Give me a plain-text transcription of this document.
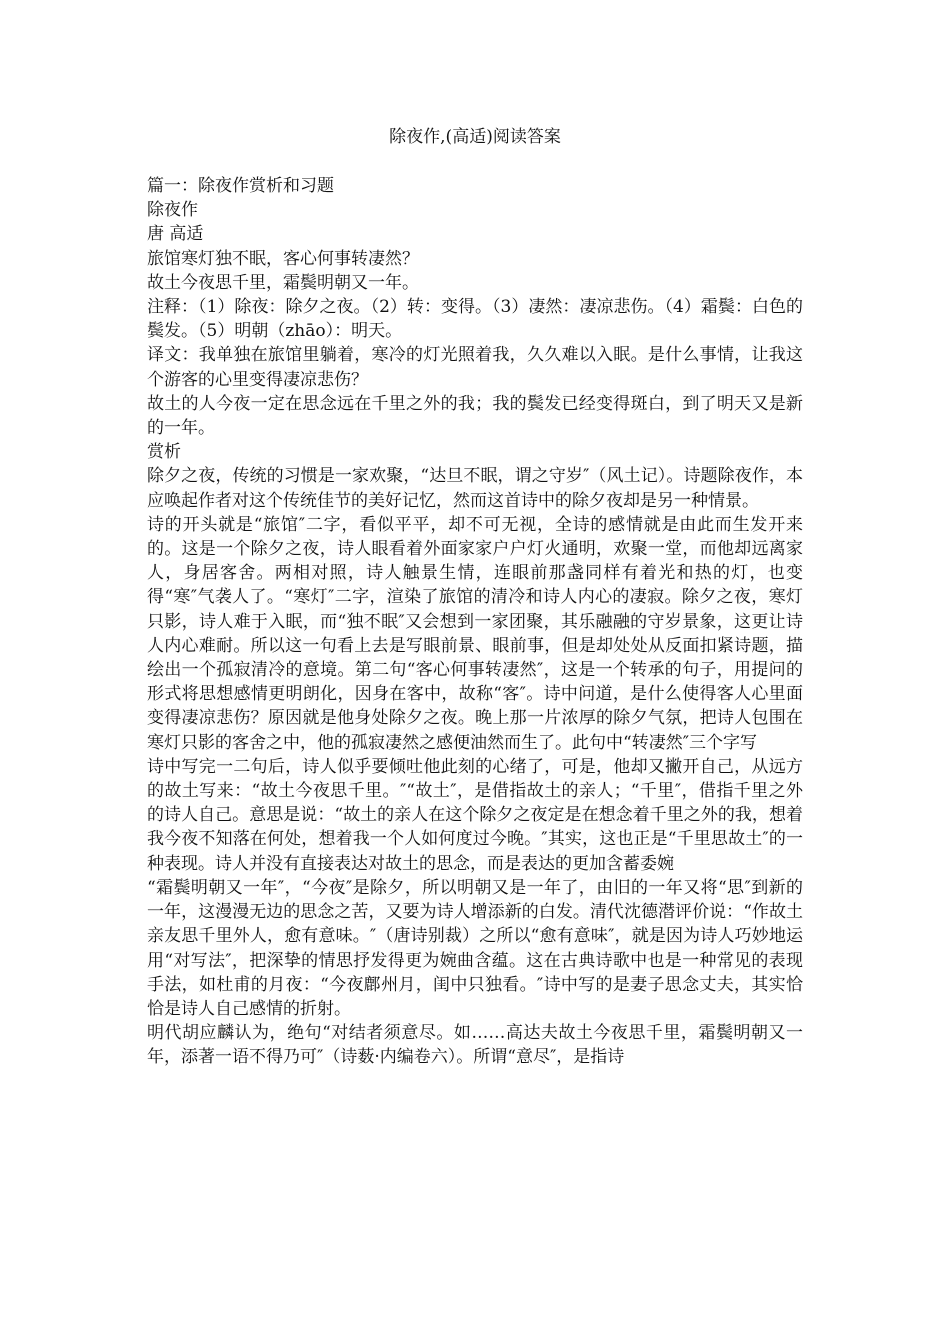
除夜作,(高适)阅读答案

篇一：除夜作赏析和习题

除夜作

唐 高适

旅馆寒灯独不眠，客心何事转凄然？

故土今夜思千里，霜鬓明朝又一年。

注释：（1）除夜：除夕之夜。（2）转：变得。（3）凄然：凄凉悲伤。（4）霜鬓：白色的鬓发。（5）明朝（zhāo）：明天。

译文：我单独在旅馆里躺着，寒冷的灯光照着我，久久难以入眠。是什么事情，让我这个游客的心里变得凄凉悲伤？

故土的人今夜一定在思念远在千里之外的我；我的鬓发已经变得斑白，到了明天又是新的一年。

赏析

除夕之夜，传统的习惯是一家欢聚，“达旦不眠，谓之守岁″（风土记）。诗题除夜作，本应唤起作者对这个传统佳节的美好记忆，然而这首诗中的除夕夜却是另一种情景。

诗的开头就是“旅馆″二字，看似平平，却不可无视，全诗的感情就是由此而生发开来的。这是一个除夕之夜，诗人眼看着外面家家户户灯火通明，欢聚一堂，而他却远离家人，身居客舍。两相对照，诗人触景生情，连眼前那盏同样有着光和热的灯，也变得“寒″气袭人了。“寒灯″二字，渲染了旅馆的清冷和诗人内心的凄寂。除夕之夜，寒灯只影，诗人难于入眠，而“独不眠″又会想到一家团聚，其乐融融的守岁景象，这更让诗人内心难耐。所以这一句看上去是写眼前景、眼前事，但是却处处从反面扣紧诗题，描绘出一个孤寂清冷的意境。第二句“客心何事转凄然″，这是一个转承的句子，用提问的形式将思想感情更明朗化，因身在客中，故称“客″。诗中问道，是什么使得客人心里面变得凄凉悲伤？原因就是他身处除夕之夜。晚上那一片浓厚的除夕气氛，把诗人包围在寒灯只影的客舍之中，他的孤寂凄然之感便油然而生了。此句中“转凄然″三个字写

诗中写完一二句后，诗人似乎要倾吐他此刻的心绪了，可是，他却又撇开自己，从远方的故土写来：“故土今夜思千里。″“故土″，是借指故土的亲人；“千里″，借指千里之外的诗人自己。意思是说：“故土的亲人在这个除夕之夜定是在想念着千里之外的我，想着我今夜不知落在何处，想着我一个人如何度过今晚。″其实，这也正是“千里思故土″的一种表现。诗人并没有直接表达对故土的思念，而是表达的更加含蓄委婉

“霜鬓明朝又一年″，“今夜″是除夕，所以明朝又是一年了，由旧的一年又将“思″到新的一年，这漫漫无边的思念之苦，又要为诗人增添新的白发。清代沈德潜评价说：“作故土亲友思千里外人，愈有意味。″（唐诗别裁）之所以“愈有意味″，就是因为诗人巧妙地运用“对写法″，把深挚的情思抒发得更为婉曲含蕴。这在古典诗歌中也是一种常见的表现手法，如杜甫的月夜：“今夜鄜州月，闺中只独看。″诗中写的是妻子思念丈夫，其实恰恰是诗人自己感情的折射。

明代胡应麟认为，绝句“对结者须意尽。如……高达夫故土今夜思千里，霜鬓明朝又一年，添著一语不得乃可″（诗薮·内编卷六）。所谓“意尽″，是指诗
